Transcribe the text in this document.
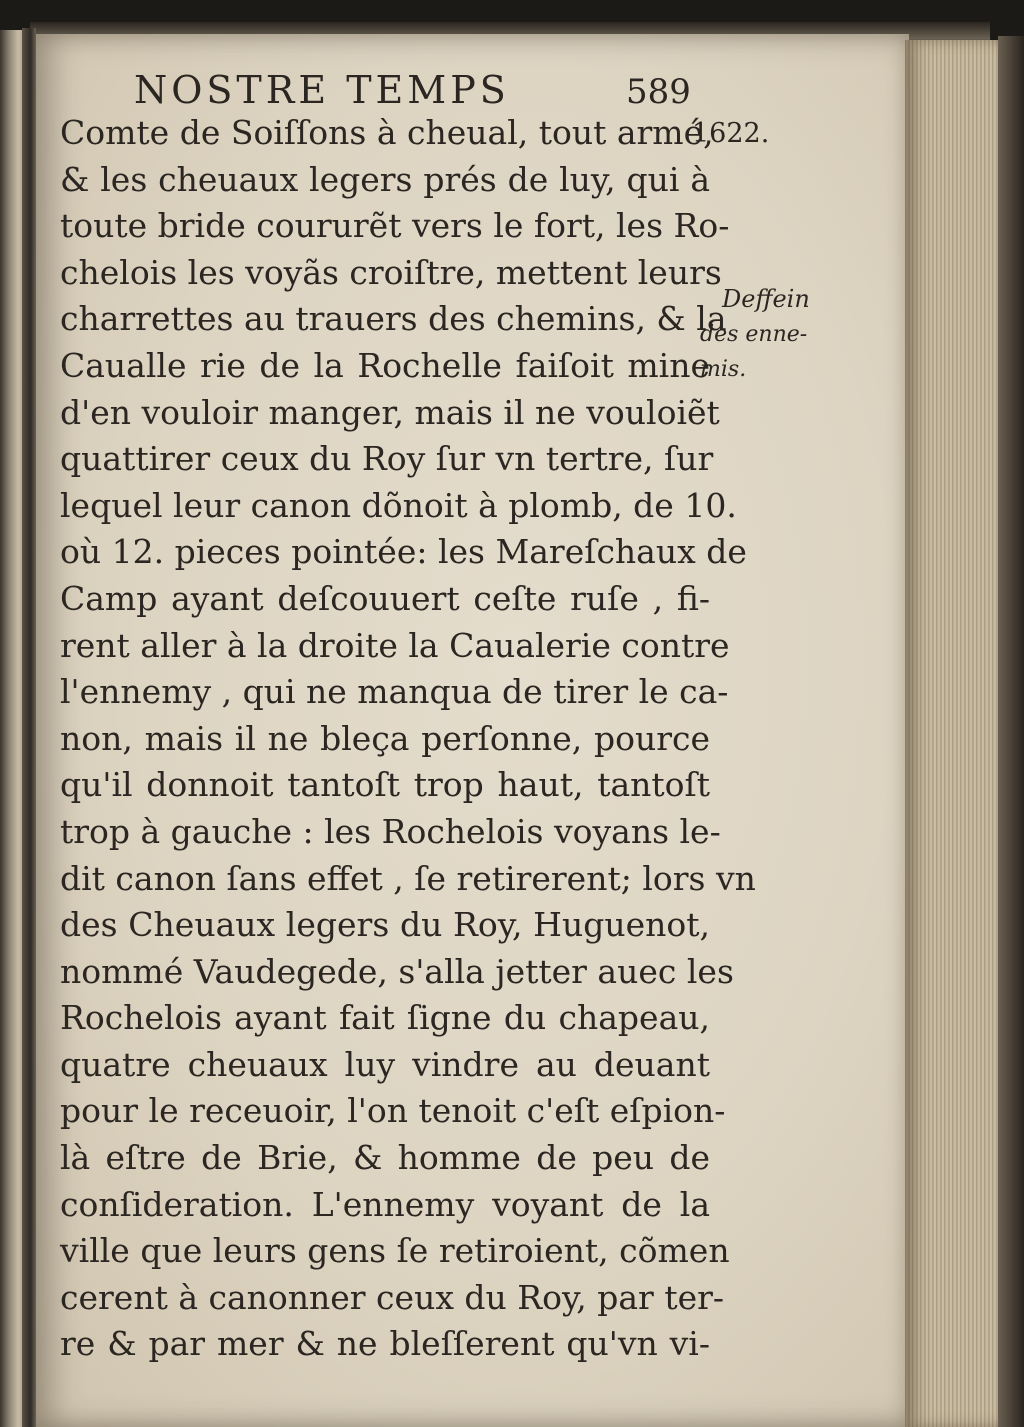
NOSTRE TEMPS	589
1622.
Deffein
des enne-
mis.
Comte de Soiſſons à cheual, tout armé,
& les cheuaux legers prés de luy, qui à
toute bride coururẽt vers le fort, les Ro-
chelois les voyãs croiſtre, mettent leurs
charrettes au trauers des chemins, & la
Caualle rie de la Rochelle faiſoit mine
d'en vouloir manger, mais il ne vouloiẽt
quattirer ceux du Roy ſur vn tertre, ſur
lequel leur canon dõnoit à plomb, de 10.
où 12. pieces pointée: les Mareſchaux de
Camp ayant deſcouuert ceſte ruſe , fi-
rent aller à la droite la Caualerie contre
l'ennemy , qui ne manqua de tirer le ca-
non, mais il ne bleça perſonne, pource
qu'il donnoit tantoſt trop haut, tantoſt
trop à gauche : les Rochelois voyans le-
dit canon ſans effet , ſe retirerent; lors vn
des Cheuaux legers du Roy, Huguenot,
nommé Vaudegede, s'alla jetter auec les
Rochelois ayant fait ſigne du chapeau,
quatre cheuaux luy vindre au deuant
pour le receuoir, l'on tenoit c'eſt eſpion-
là eſtre de Brie, & homme de peu de
conſideration. L'ennemy voyant de la
ville que leurs gens ſe retiroient, cõmen
cerent à canonner ceux du Roy, par ter-
re & par mer & ne bleſſerent qu'vn vi-
